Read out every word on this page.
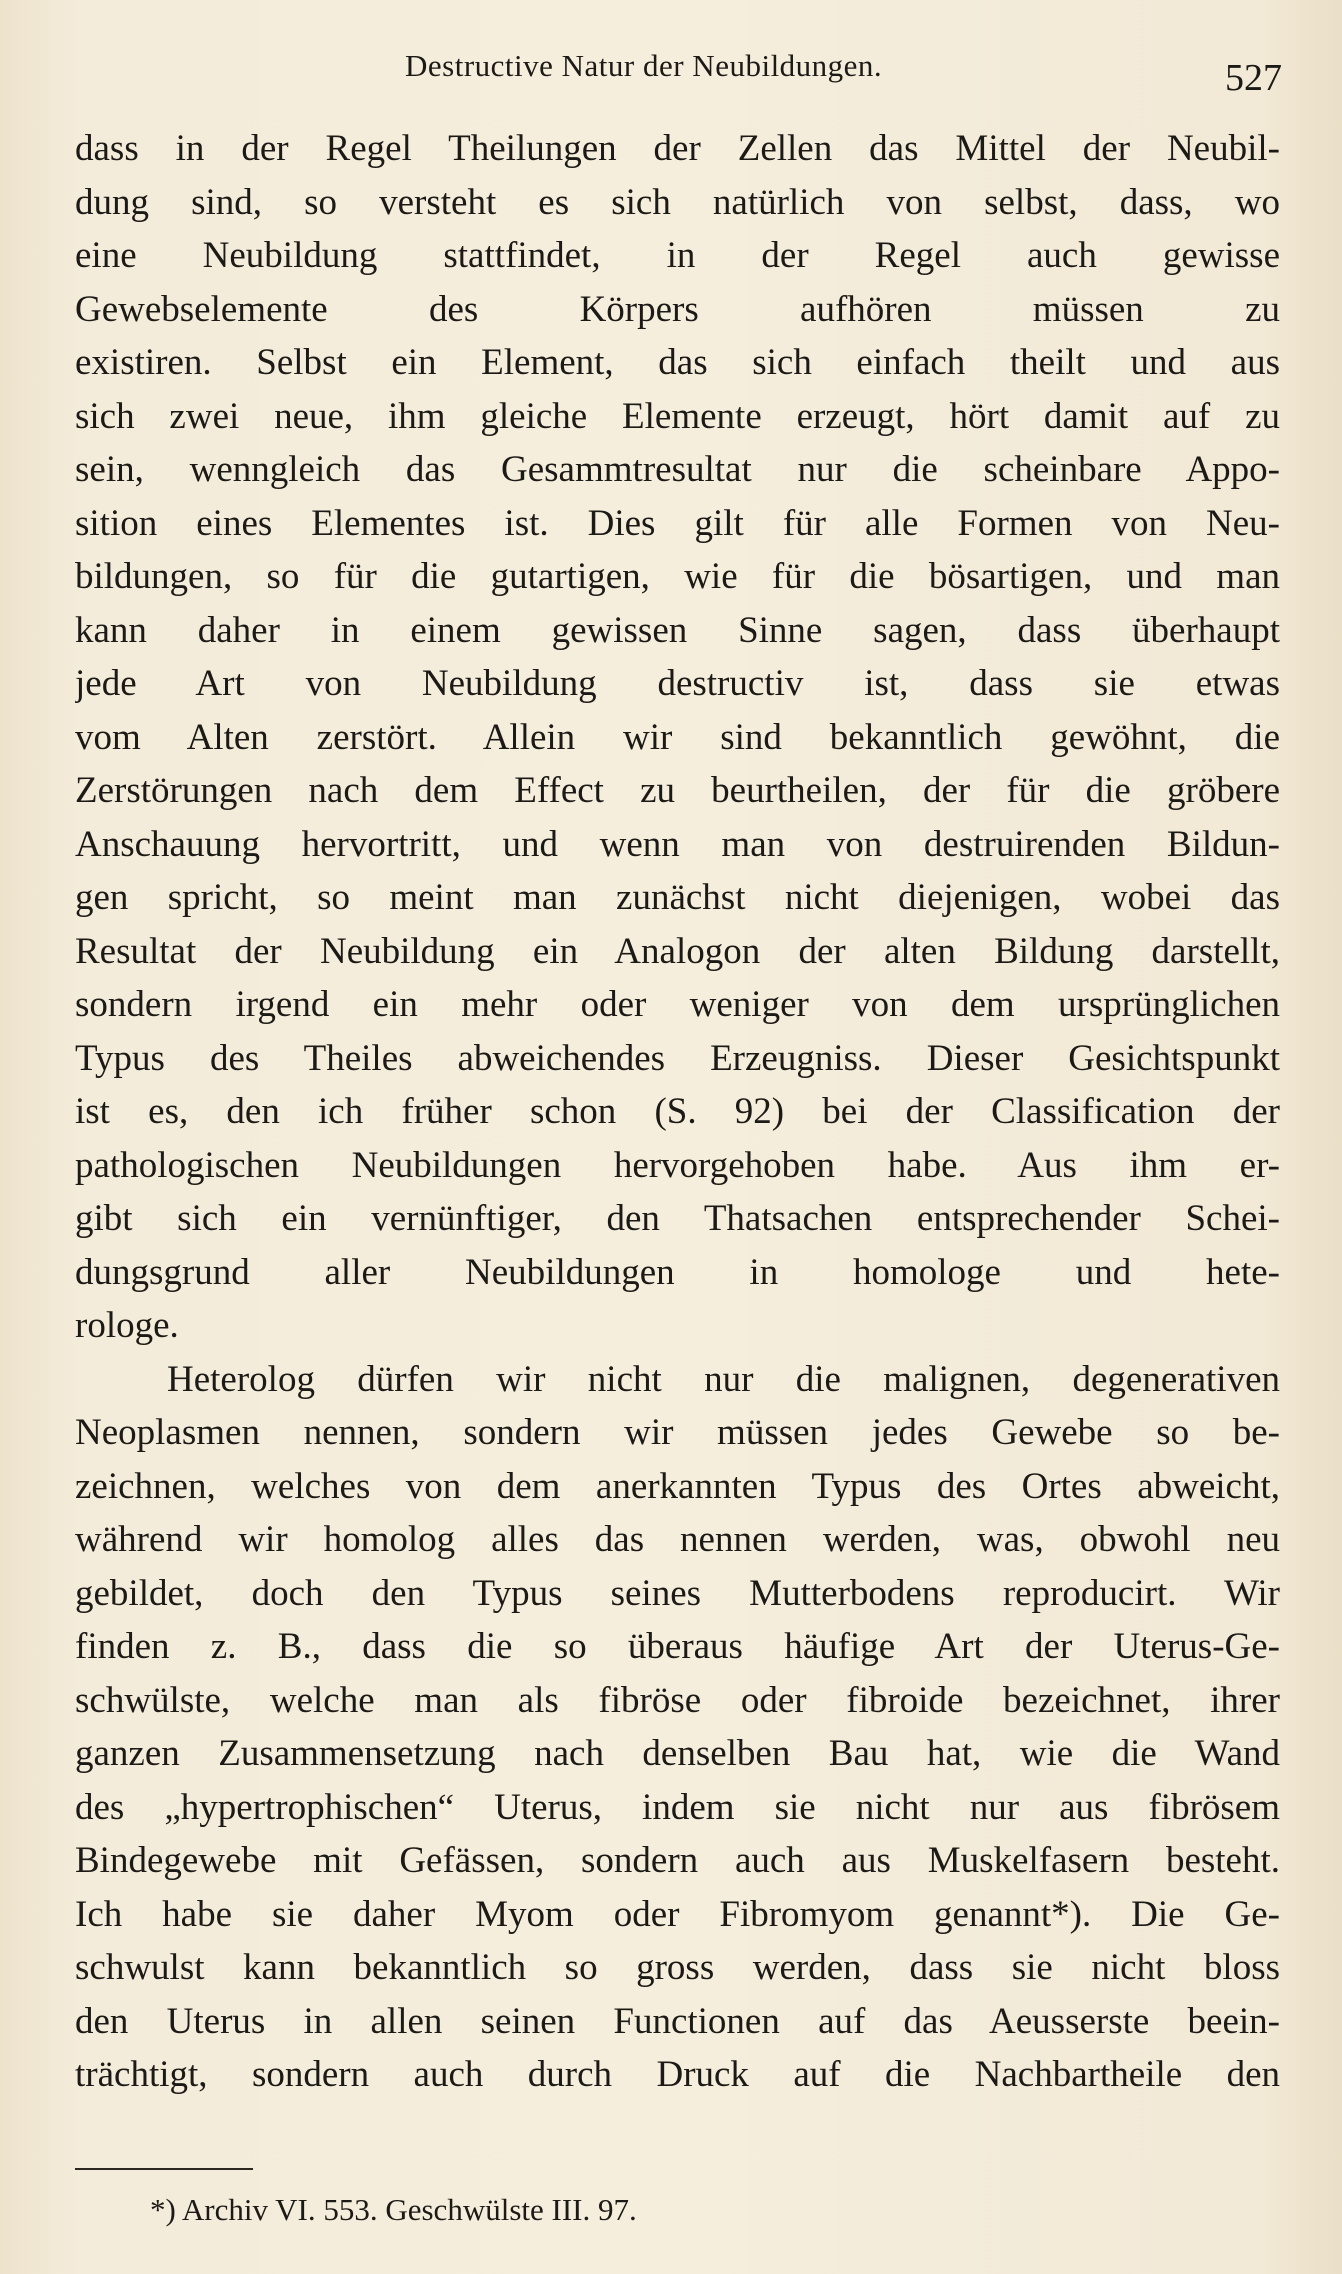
Destructive Natur der Neubildungen.	527
dass in der Regel Theilungen der Zellen das Mittel der Neubil-
dung sind, so versteht es sich natürlich von selbst, dass, wo
eine Neubildung stattfindet, in der Regel auch gewisse
Gewebselemente des Körpers aufhören müssen zu
existiren. Selbst ein Element, das sich einfach theilt und aus
sich zwei neue, ihm gleiche Elemente erzeugt, hört damit auf zu
sein, wenngleich das Gesammtresultat nur die scheinbare Appo-
sition eines Elementes ist. Dies gilt für alle Formen von Neu-
bildungen, so für die gutartigen, wie für die bösartigen, und man
kann daher in einem gewissen Sinne sagen, dass überhaupt
jede Art von Neubildung destructiv ist, dass sie etwas
vom Alten zerstört. Allein wir sind bekanntlich gewöhnt, die
Zerstörungen nach dem Effect zu beurtheilen, der für die gröbere
Anschauung hervortritt, und wenn man von destruirenden Bildun-
gen spricht, so meint man zunächst nicht diejenigen, wobei das
Resultat der Neubildung ein Analogon der alten Bildung darstellt,
sondern irgend ein mehr oder weniger von dem ursprünglichen
Typus des Theiles abweichendes Erzeugniss. Dieser Gesichtspunkt
ist es, den ich früher schon (S. 92) bei der Classification der
pathologischen Neubildungen hervorgehoben habe. Aus ihm er-
gibt sich ein vernünftiger, den Thatsachen entsprechender Schei-
dungsgrund aller Neubildungen in homologe und hete-
rologe.
Heterolog dürfen wir nicht nur die malignen, degenerativen
Neoplasmen nennen, sondern wir müssen jedes Gewebe so be-
zeichnen, welches von dem anerkannten Typus des Ortes abweicht,
während wir homolog alles das nennen werden, was, obwohl neu
gebildet, doch den Typus seines Mutterbodens reproducirt. Wir
finden z. B., dass die so überaus häufige Art der Uterus-Ge-
schwülste, welche man als fibröse oder fibroide bezeichnet, ihrer
ganzen Zusammensetzung nach denselben Bau hat, wie die Wand
des „hypertrophischen“ Uterus, indem sie nicht nur aus fibrösem
Bindegewebe mit Gefässen, sondern auch aus Muskelfasern besteht.
Ich habe sie daher Myom oder Fibromyom genannt*). Die Ge-
schwulst kann bekanntlich so gross werden, dass sie nicht bloss
den Uterus in allen seinen Functionen auf das Aeusserste beein-
trächtigt, sondern auch durch Druck auf die Nachbartheile den
*) Archiv VI. 553. Geschwülste III. 97.
